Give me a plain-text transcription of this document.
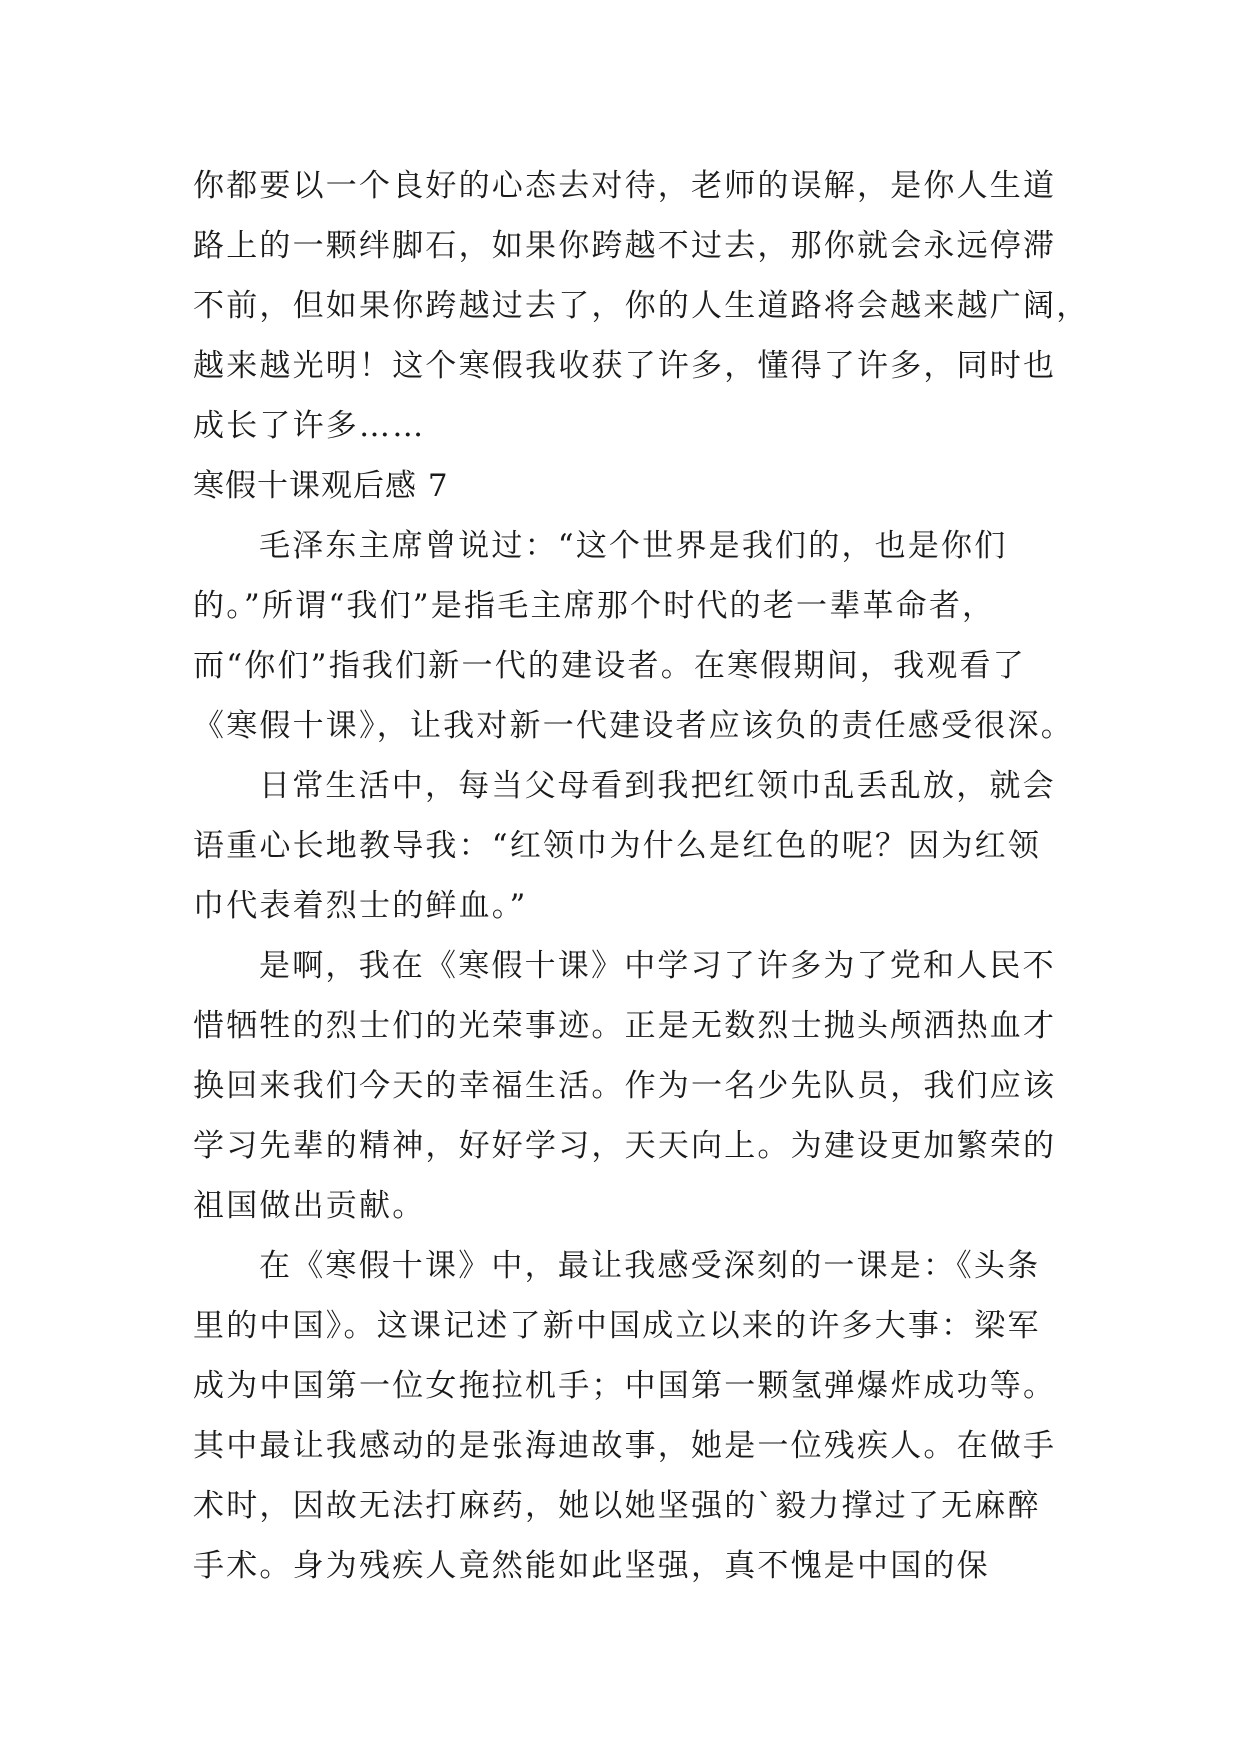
你都要以一个良好的心态去对待，老师的误解，是你人生道
路上的一颗绊脚石，如果你跨越不过去，那你就会永远停滞
不前，但如果你跨越过去了，你的人生道路将会越来越广阔，
越来越光明！这个寒假我收获了许多，懂得了许多，同时也
成长了许多……

寒假十课观后感 7

毛泽东主席曾说过：“这个世界是我们的，也是你们
的。”所谓“我们”是指毛主席那个时代的老一辈革命者，
而“你们”指我们新一代的建设者。在寒假期间，我观看了
《寒假十课》，让我对新一代建设者应该负的责任感受很深。

日常生活中，每当父母看到我把红领巾乱丢乱放，就会
语重心长地教导我：“红领巾为什么是红色的呢？因为红领
巾代表着烈士的鲜血。”

是啊，我在《寒假十课》中学习了许多为了党和人民不
惜牺牲的烈士们的光荣事迹。正是无数烈士抛头颅洒热血才
换回来我们今天的幸福生活。作为一名少先队员，我们应该
学习先辈的精神，好好学习，天天向上。为建设更加繁荣的
祖国做出贡献。

在《寒假十课》中，最让我感受深刻的一课是：《头条
里的中国》。这课记述了新中国成立以来的许多大事：梁军
成为中国第一位女拖拉机手；中国第一颗氢弹爆炸成功等。
其中最让我感动的是张海迪故事，她是一位残疾人。在做手
术时，因故无法打麻药，她以她坚强的`毅力撑过了无麻醉
手术。身为残疾人竟然能如此坚强，真不愧是中国的保
